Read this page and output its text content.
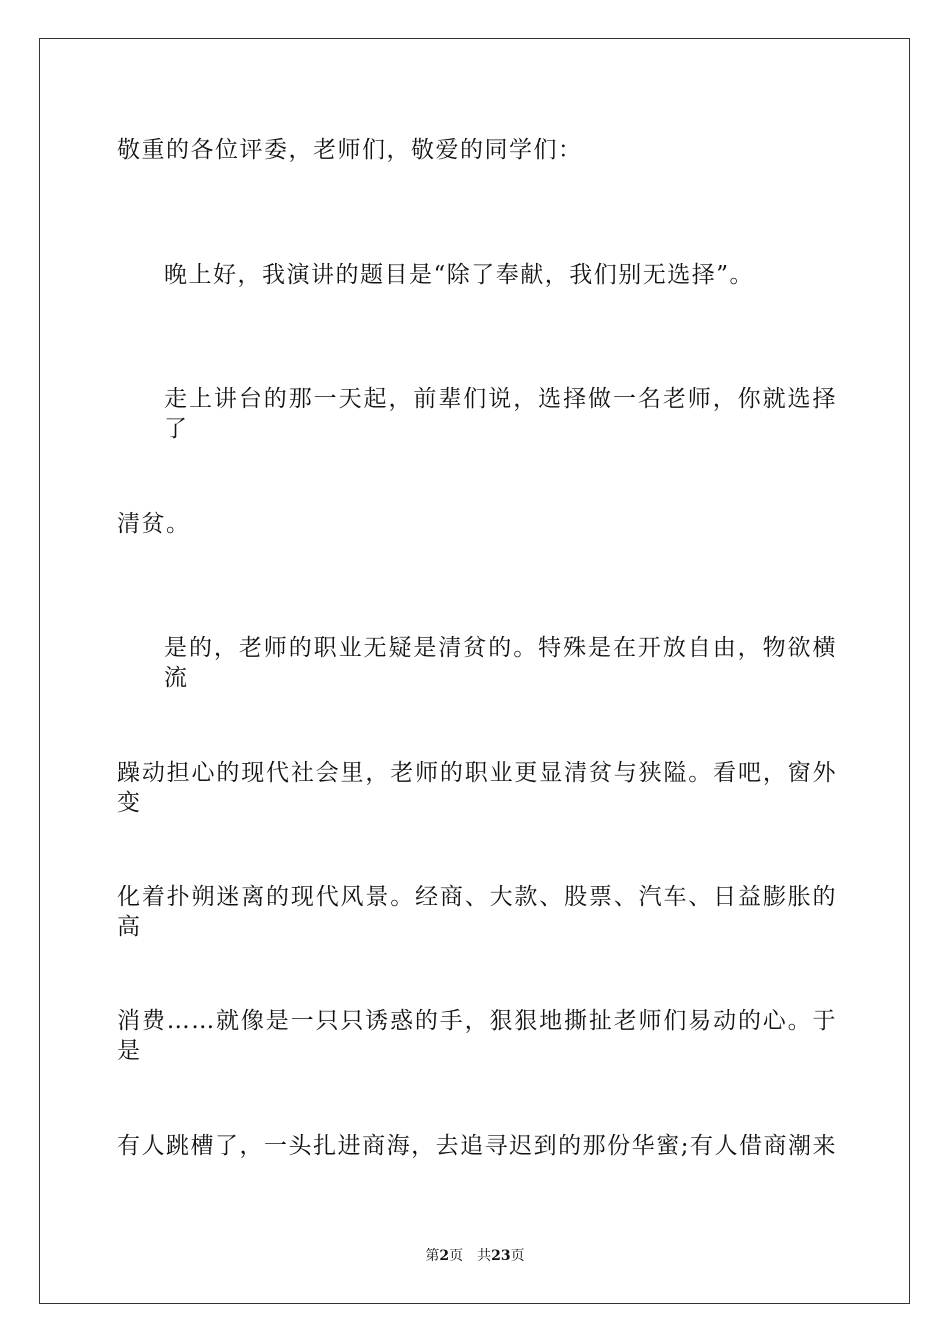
敬重的各位评委，老师们，敬爱的同学们：

晚上好，我演讲的题目是“除了奉献，我们别无选择”。

走上讲台的那一天起，前辈们说，选择做一名老师，你就选择了

清贫。

是的，老师的职业无疑是清贫的。特殊是在开放自由，物欲横流

躁动担心的现代社会里，老师的职业更显清贫与狭隘。看吧，窗外变

化着扑朔迷离的现代风景。经商、大款、股票、汽车、日益膨胀的高

消费……就像是一只只诱惑的手，狠狠地撕扯老师们易动的心。于是

有人跳槽了，一头扎进商海，去追寻迟到的那份华蜜;有人借商潮来

第2页 共23页
